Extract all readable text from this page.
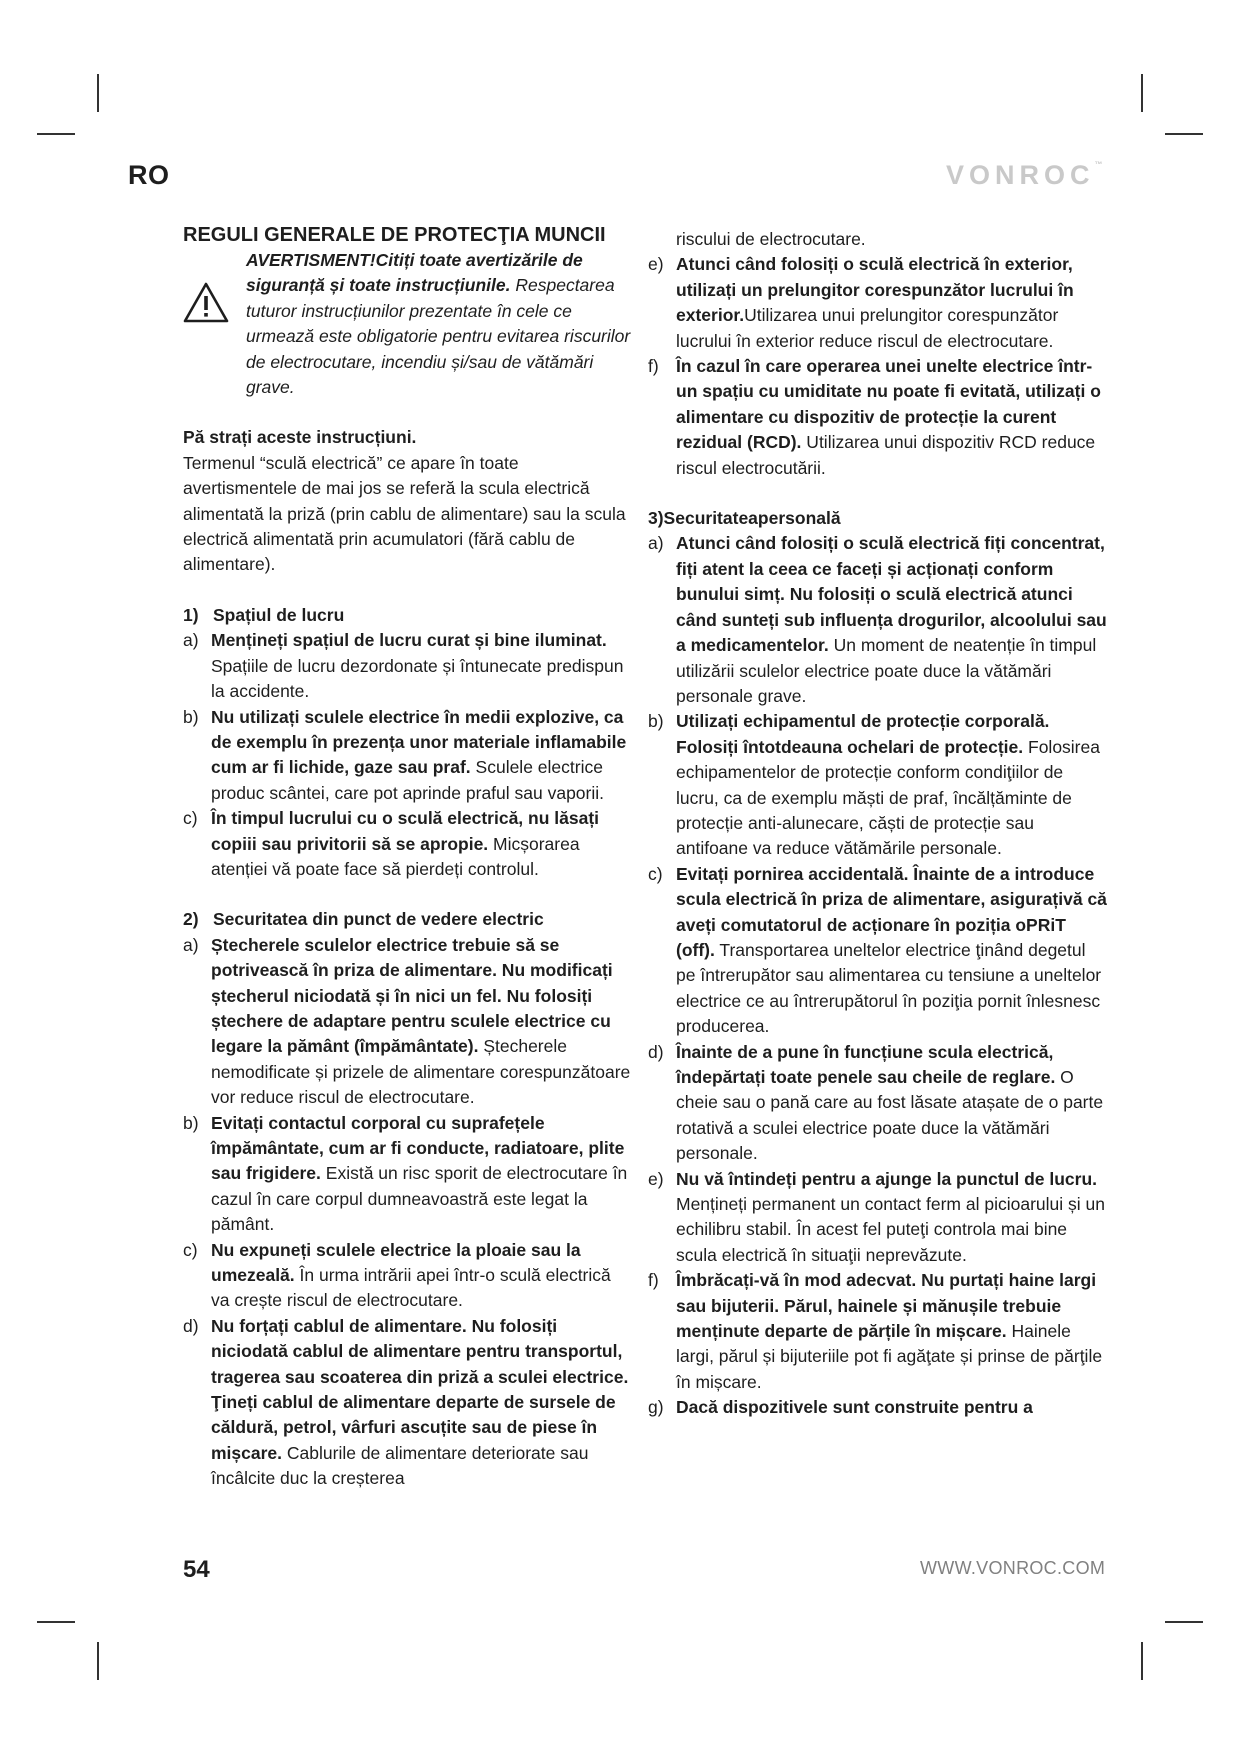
RO	VONROC™
REGULI GENERALE DE PROTECŢIA MUNCII
AVERTISMENT!Citiți toate avertizările de siguranță și toate instrucțiunile. Respectarea tuturor instrucțiunilor prezentate în cele ce urmează este obligatorie pentru evitarea riscurilor de electrocutare, incendiu și/sau de vătămări grave.
Pă strați aceste instrucțiuni.
Termenul “sculă electrică” ce apare în toate avertismentele de mai jos se referă la scula electrică alimentată la priză (prin cablu de alimentare) sau la scula electrică alimentată prin acumulatori (fără cablu de alimentare).
1) Spațiul de lucru
a) Mențineți spațiul de lucru curat și bine iluminat. Spațiile de lucru dezordonate și întunecate predispun la accidente.
b) Nu utilizați sculele electrice în medii explozive, ca de exemplu în prezența unor materiale inflamabile cum ar fi lichide, gaze sau praf. Sculele electrice produc scântei, care pot aprinde praful sau vaporii.
c) În timpul lucrului cu o sculă electrică, nu lăsați copiii sau privitorii să se apropie. Micșorarea atenției vă poate face să pierdeți controlul.
2) Securitatea din punct de vedere electric
a) Ștecherele sculelor electrice trebuie să se potrivească în priza de alimentare. Nu modificați ștecherul niciodată și în nici un fel. Nu folosiți ștechere de adaptare pentru sculele electrice cu legare la pământ (împământate). Ștecherele nemodificate și prizele de alimentare corespunzătoare vor reduce riscul de electrocutare.
b) Evitați contactul corporal cu suprafețele împământate, cum ar fi conducte, radiatoare, plite sau frigidere. Există un risc sporit de electrocutare în cazul în care corpul dumneavoastră este legat la pământ.
c) Nu expuneți sculele electrice la ploaie sau la umezeală. În urma intrării apei într-o sculă electrică va crește riscul de electrocutare.
d) Nu forțați cablul de alimentare. Nu folosiți niciodată cablul de alimentare pentru transportul, tragerea sau scoaterea din priză a sculei electrice. Ţineți cablul de alimentare departe de sursele de căldură, petrol, vârfuri ascuțite sau de piese în mișcare. Cablurile de alimentare deteriorate sau încâlcite duc la creșterea
riscului de electrocutare.
e) Atunci când folosiți o sculă electrică în exterior, utilizați un prelungitor corespunzător lucrului în exterior.Utilizarea unui prelungitor corespunzător lucrului în exterior reduce riscul de electrocutare.
f) În cazul în care operarea unei unelte electrice într-un spațiu cu umiditate nu poate fi evitată, utilizați o alimentare cu dispozitiv de protecție la curent rezidual (RCD). Utilizarea unui dispozitiv RCD reduce riscul electrocutării.
3)Securitateapersonală
a) Atunci când folosiți o sculă electrică fiți concentrat, fiți atent la ceea ce faceți și acționați conform bunului simț. Nu folosiți o sculă electrică atunci când sunteți sub influența drogurilor, alcoolului sau a medicamentelor. Un moment de neatenție în timpul utilizării sculelor electrice poate duce la vătămări personale grave.
b) Utilizați echipamentul de protecție corporală. Folosiți întotdeauna ochelari de protecție. Folosirea echipamentelor de protecție conform condiţiilor de lucru, ca de exemplu măști de praf, încălțăminte de protecție anti-alunecare, căști de protecție sau antifoane va reduce vătămările personale.
c) Evitați pornirea accidentală. Înainte de a introduce scula electrică în priza de alimentare, asigurațivă că aveți comutatorul de acționare în poziția oPRiT (off). Transportarea uneltelor electrice ţinând degetul pe întrerupător sau alimentarea cu tensiune a uneltelor electrice ce au întrerupătorul în poziţia pornit înlesnesc producerea.
d) Înainte de a pune în funcțiune scula electrică, îndepărtați toate penele sau cheile de reglare. O cheie sau o pană care au fost lăsate atașate de o parte rotativă a sculei electrice poate duce la vătămări personale.
e) Nu vă întindeți pentru a ajunge la punctul de lucru. Mențineți permanent un contact ferm al picioarului și un echilibru stabil. În acest fel puteţi controla mai bine scula electrică în situaţii neprevăzute.
f) Îmbrăcați-vă în mod adecvat. Nu purtați haine largi sau bijuterii. Părul, hainele și mănușile trebuie menținute departe de părțile în mișcare. Hainele largi, părul și bijuteriile pot fi agăţate și prinse de părţile în mișcare.
g) Dacă dispozitivele sunt construite pentru a
54	WWW.VONROC.COM
